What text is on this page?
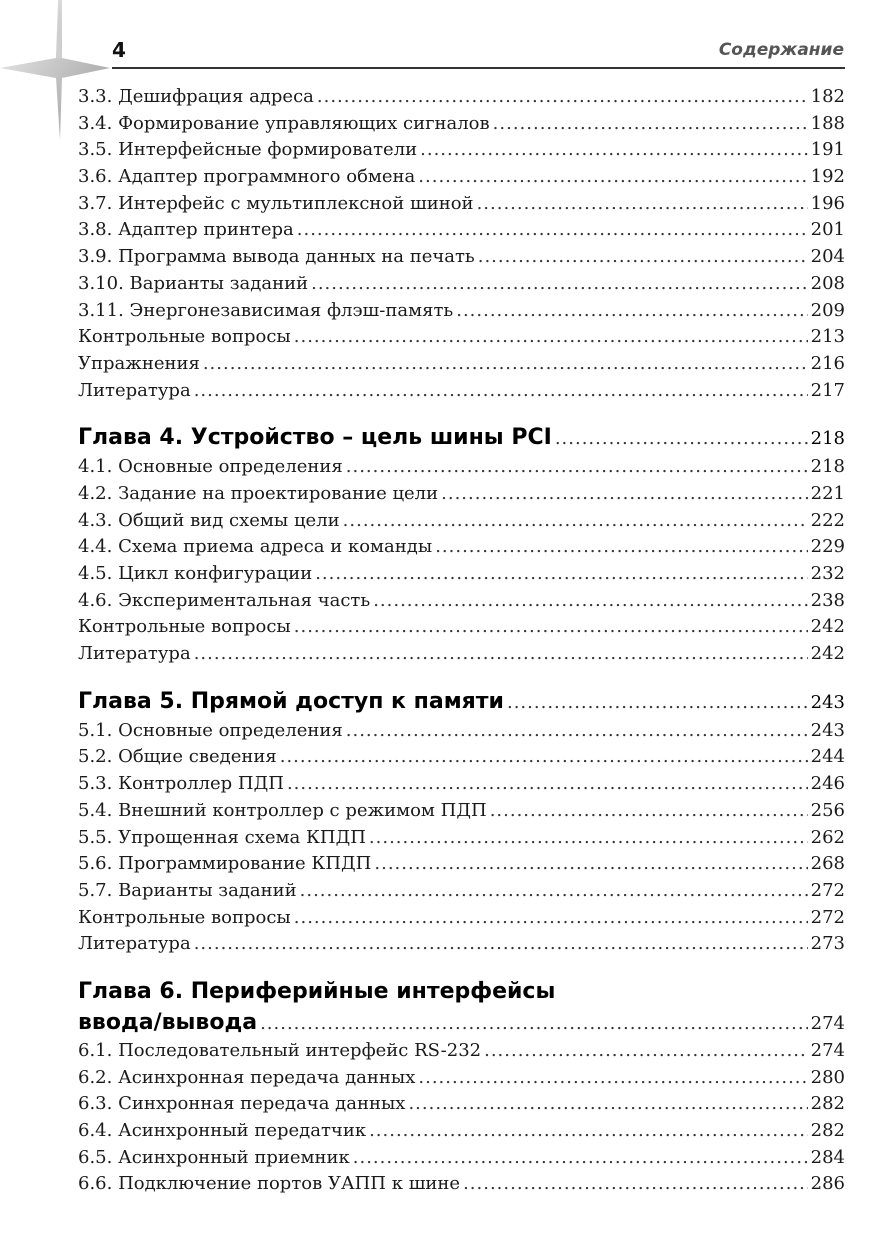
4	Содержание
3.3. Дешифрация адреса .....	182
3.4. Формирование управляющих сигналов .....	188
3.5. Интерфейсные формирователи .....	191
3.6. Адаптер программного обмена .....	192
3.7. Интерфейс с мультиплексной шиной .....	196
3.8. Адаптер принтера .....	201
3.9. Программа вывода данных на печать .....	204
3.10. Варианты заданий .....	208
3.11. Энергонезависимая флэш-память .....	209
Контрольные вопросы .....	213
Упражнения .....	216
Литература .....	217
Глава 4. Устройство – цель шины PCI .....	218
4.1. Основные определения .....	218
4.2. Задание на проектирование цели .....	221
4.3. Общий вид схемы цели .....	222
4.4. Схема приема адреса и команды .....	229
4.5. Цикл конфигурации .....	232
4.6. Экспериментальная часть .....	238
Контрольные вопросы .....	242
Литература .....	242
Глава 5. Прямой доступ к памяти .....	243
5.1. Основные определения .....	243
5.2. Общие сведения .....	244
5.3. Контроллер ПДП .....	246
5.4. Внешний контроллер с режимом ПДП .....	256
5.5. Упрощенная схема КПДП .....	262
5.6. Программирование КПДП .....	268
5.7. Варианты заданий .....	272
Контрольные вопросы .....	272
Литература .....	273
Глава 6. Периферийные интерфейсы
ввода/вывода .....	274
6.1. Последовательный интерфейс RS-232 .....	274
6.2. Асинхронная передача данных .....	280
6.3. Синхронная передача данных .....	282
6.4. Асинхронный передатчик .....	282
6.5. Асинхронный приемник .....	284
6.6. Подключение портов УАПП к шине .....	286
